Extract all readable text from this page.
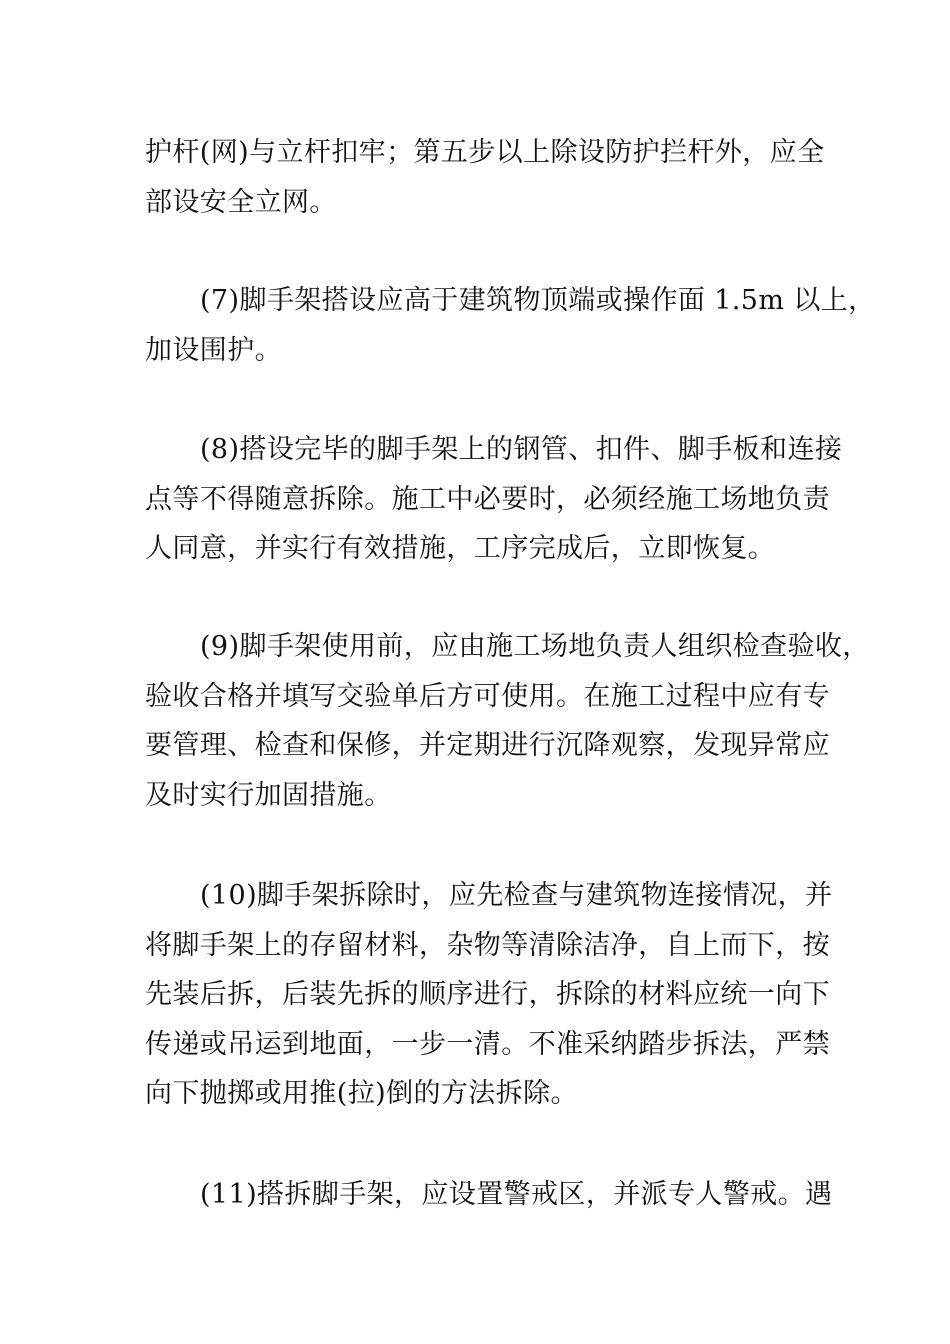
护杆(网)与立杆扣牢；第五步以上除设防护拦杆外，应全
部设安全立网。

(7)脚手架搭设应高于建筑物顶端或操作面 1.5m 以上，
加设围护。

(8)搭设完毕的脚手架上的钢管、扣件、脚手板和连接
点等不得随意拆除。施工中必要时，必须经施工场地负责
人同意，并实行有效措施，工序完成后，立即恢复。

(9)脚手架使用前，应由施工场地负责人组织检查验收，
验收合格并填写交验单后方可使用。在施工过程中应有专
要管理、检查和保修，并定期进行沉降观察，发现异常应
及时实行加固措施。

(10)脚手架拆除时，应先检查与建筑物连接情况，并
将脚手架上的存留材料，杂物等清除洁净，自上而下，按
先装后拆，后装先拆的顺序进行，拆除的材料应统一向下
传递或吊运到地面，一步一清。不准采纳踏步拆法，严禁
向下抛掷或用推(拉)倒的方法拆除。

(11)搭拆脚手架，应设置警戒区，并派专人警戒。遇
